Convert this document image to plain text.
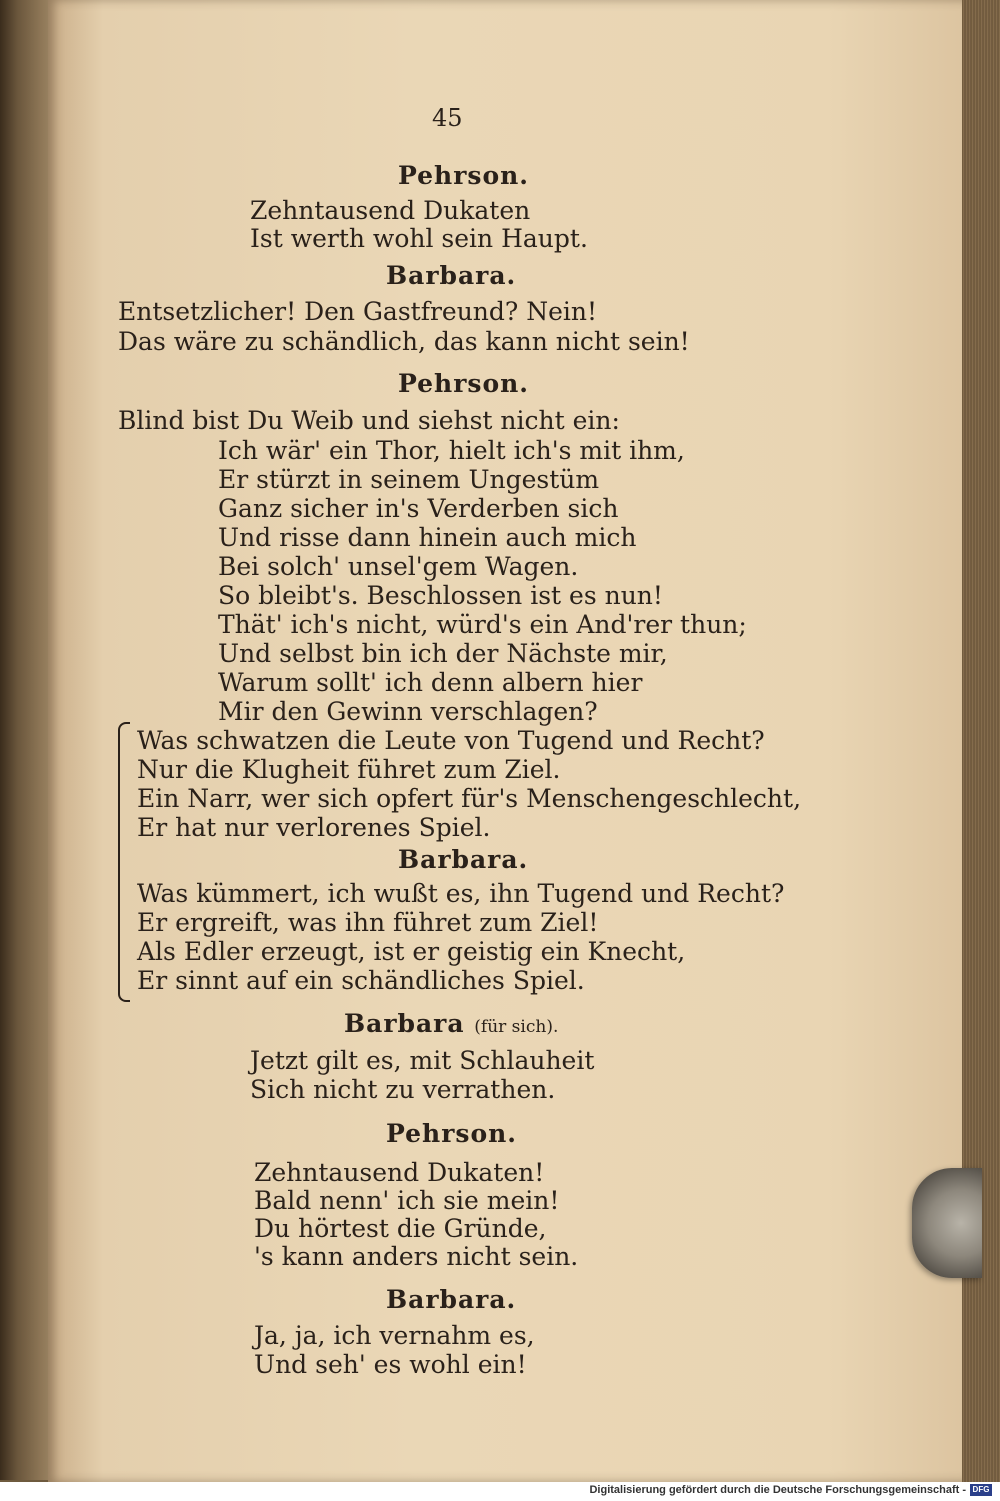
45
Pehrson.
Zehntausend Dukaten
Ist werth wohl sein Haupt.
Barbara.
Entsetzlicher! Den Gastfreund? Nein!
Das wäre zu schändlich, das kann nicht sein!
Pehrson.
Blind bist Du Weib und siehst nicht ein:
Ich wär' ein Thor, hielt ich's mit ihm,
Er stürzt in seinem Ungestüm
Ganz sicher in's Verderben sich
Und risse dann hinein auch mich
Bei solch' unsel'gem Wagen.
So bleibt's. Beschlossen ist es nun!
Thät' ich's nicht, würd's ein And'rer thun;
Und selbst bin ich der Nächste mir,
Warum sollt' ich denn albern hier
Mir den Gewinn verschlagen?
Was schwatzen die Leute von Tugend und Recht?
Nur die Klugheit führet zum Ziel.
Ein Narr, wer sich opfert für's Menschengeschlecht,
Er hat nur verlorenes Spiel.
Barbara.
Was kümmert, ich wußt es, ihn Tugend und Recht?
Er ergreift, was ihn führet zum Ziel!
Als Edler erzeugt, ist er geistig ein Knecht,
Er sinnt auf ein schändliches Spiel.
Barbara (für sich).
Jetzt gilt es, mit Schlauheit
Sich nicht zu verrathen.
Pehrson.
Zehntausend Dukaten!
Bald nenn' ich sie mein!
Du hörtest die Gründe,
's kann anders nicht sein.
Barbara.
Ja, ja, ich vernahm es,
Und seh' es wohl ein!
Digitalisierung gefördert durch die Deutsche Forschungsgemeinschaft - DFG
